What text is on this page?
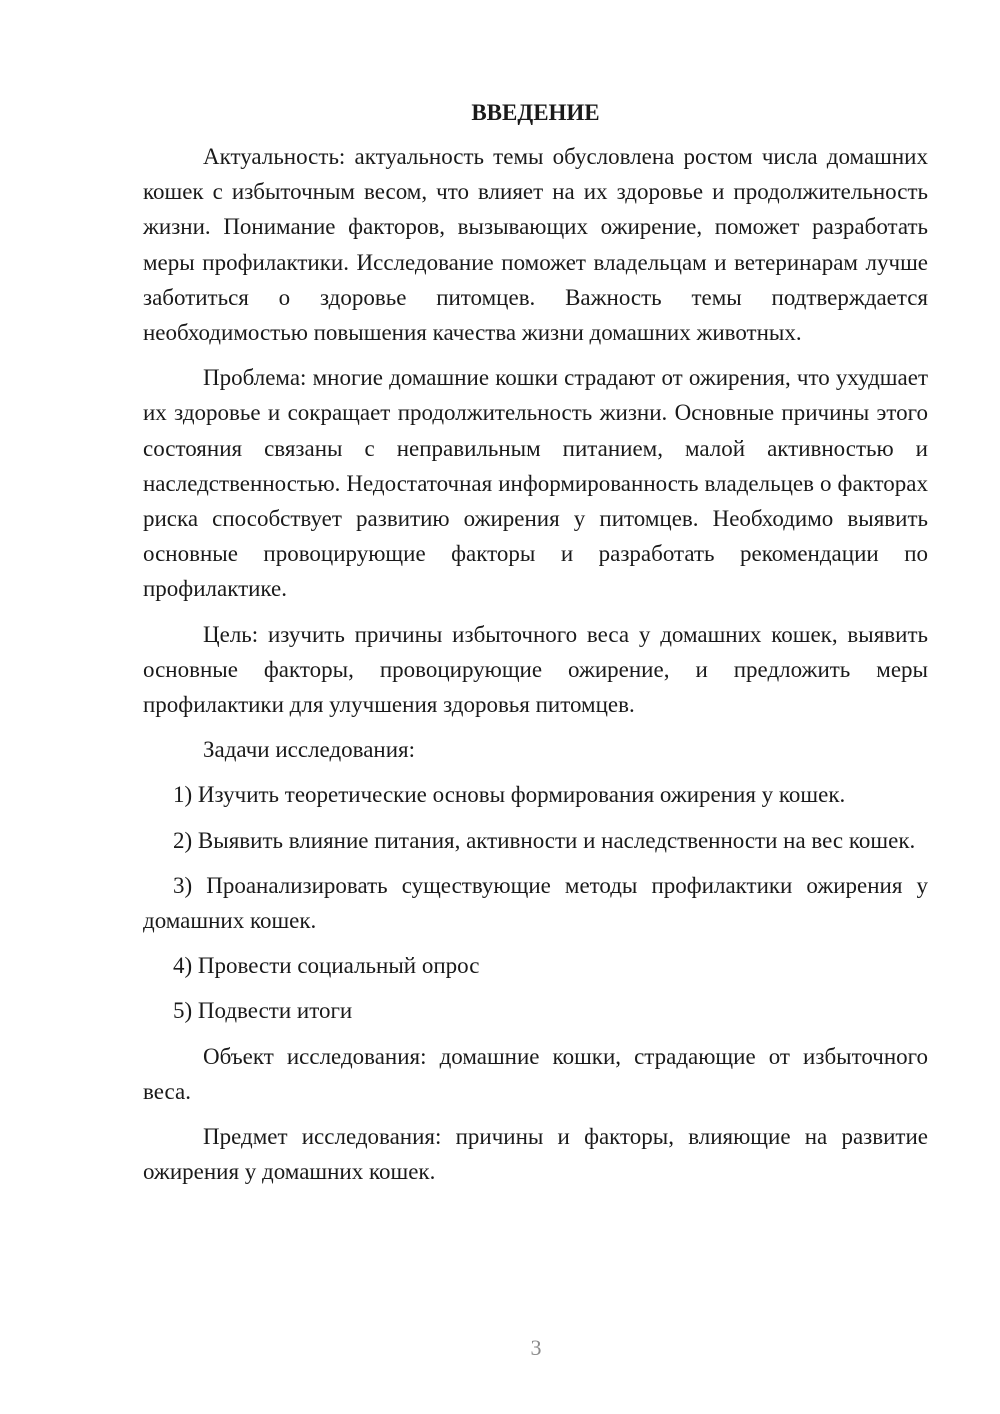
ВВЕДЕНИЕ

Актуальность: актуальность темы обусловлена ростом числа домашних кошек с избыточным весом, что влияет на их здоровье и продолжительность жизни. Понимание факторов, вызывающих ожирение, поможет разработать меры профилактики. Исследование поможет владельцам и ветеринарам лучше заботиться о здоровье питомцев. Важность темы подтверждается необходимостью повышения качества жизни домашних животных.

Проблема: многие домашние кошки страдают от ожирения, что ухудшает их здоровье и сокращает продолжительность жизни. Основные причины этого состояния связаны с неправильным питанием, малой активностью и наследственностью. Недостаточная информированность владельцев о факторах риска способствует развитию ожирения у питомцев. Необходимо выявить основные провоцирующие факторы и разработать рекомендации по профилактике.

Цель: изучить причины избыточного веса у домашних кошек, выявить основные факторы, провоцирующие ожирение, и предложить меры профилактики для улучшения здоровья питомцев.

Задачи исследования:

1) Изучить теоретические основы формирования ожирения у кошек.

2) Выявить влияние питания, активности и наследственности на вес кошек.

3) Проанализировать существующие методы профилактики ожирения у домашних кошек.

4) Провести социальный опрос

5) Подвести итоги

Объект исследования: домашние кошки, страдающие от избыточного веса.

Предмет исследования: причины и факторы, влияющие на развитие ожирения у домашних кошек.

3
